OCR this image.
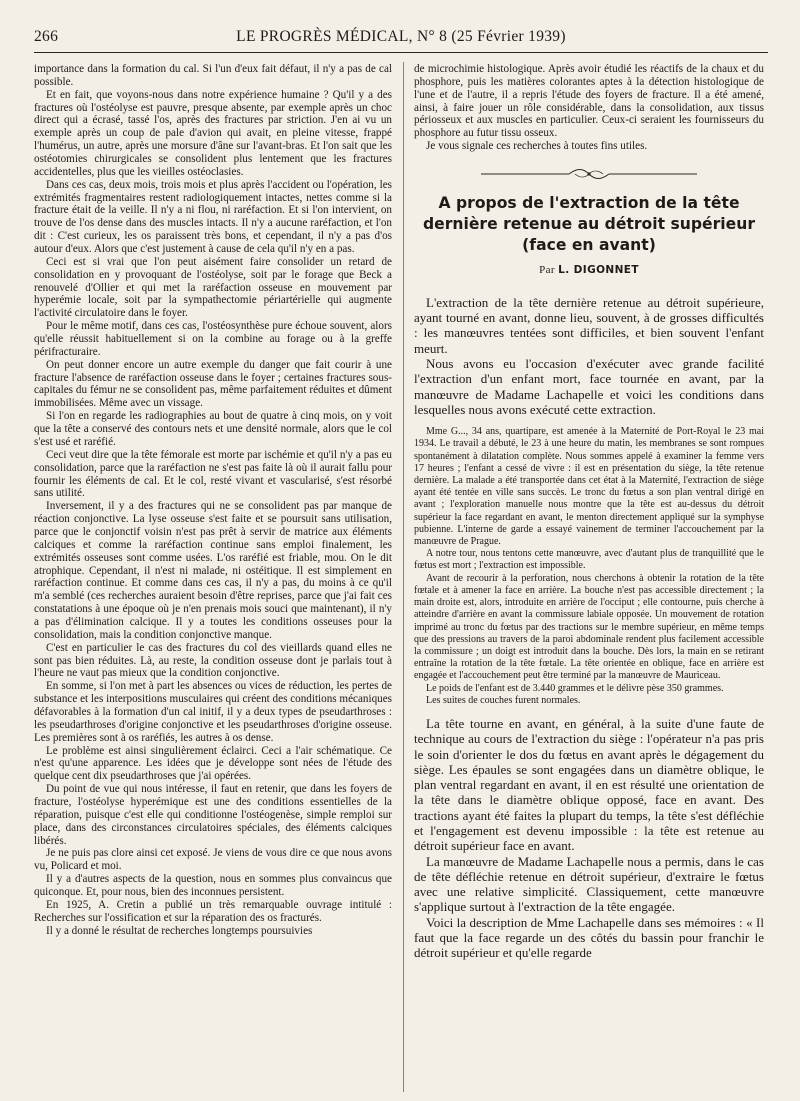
266	LE PROGRÈS MÉDICAL, N° 8 (25 Février 1939)

importance dans la formation du cal. Si l'un d'eux fait défaut, il n'y a pas de cal possible.

Et en fait, que voyons-nous dans notre expérience humaine ? Qu'il y a des fractures où l'ostéolyse est pauvre, presque absente, par exemple après un choc direct qui a écrasé, tassé l'os, après des fractures par striction. J'en ai vu un exemple après un coup de pale d'avion qui avait, en pleine vitesse, frappé l'humérus, un autre, après une morsure d'âne sur l'avant-bras. Et l'on sait que les ostéotomies chirurgicales se consolident plus lentement que les fractures accidentelles, plus que les vieilles ostéoclasies.

Dans ces cas, deux mois, trois mois et plus après l'accident ou l'opération, les extrémités fragmentaires restent radiologiquement intactes, nettes comme si la fracture était de la veille. Il n'y a ni flou, ni raréfaction. Et si l'on intervient, on trouve de l'os dense dans des muscles intacts. Il n'y a aucune raréfaction, et l'on dit : C'est curieux, les os paraissent très bons, et cependant, il n'y a pas d'os autour d'eux. Alors que c'est justement à cause de cela qu'il n'y en a pas.

Ceci est si vrai que l'on peut aisément faire consolider un retard de consolidation en y provoquant de l'ostéolyse, soit par le forage que Beck a renouvelé d'Ollier et qui met la raréfaction osseuse en mouvement par hyperémie locale, soit par la sympathectomie périartérielle qui augmente l'activité circulatoire dans le foyer.

Pour le même motif, dans ces cas, l'ostéosynthèse pure échoue souvent, alors qu'elle réussit habituellement si on la combine au forage ou à la greffe périfracturaire.

On peut donner encore un autre exemple du danger que fait courir à une fracture l'absence de raréfaction osseuse dans le foyer ; certaines fractures sous-capitales du fémur ne se consolident pas, même parfaitement réduites et dûment immobilisées. Même avec un vissage.

Si l'on en regarde les radiographies au bout de quatre à cinq mois, on y voit que la tête a conservé des contours nets et une densité normale, alors que le col s'est usé et raréfié.

Ceci veut dire que la tête fémorale est morte par ischémie et qu'il n'y a pas eu consolidation, parce que la raréfaction ne s'est pas faite là où il aurait fallu pour fournir les éléments de cal. Et le col, resté vivant et vascularisé, s'est résorbé sans utilité.

Inversement, il y a des fractures qui ne se consolident pas par manque de réaction conjonctive. La lyse osseuse s'est faite et se poursuit sans utilisation, parce que le conjonctif voisin n'est pas prêt à servir de matrice aux éléments calciques et comme la raréfaction continue sans emploi finalement, les extrémités osseuses sont comme usées. L'os raréfié est friable, mou. On le dit atrophique. Cependant, il n'est ni malade, ni ostéitique. Il est simplement en raréfaction continue. Et comme dans ces cas, il n'y a pas, du moins à ce qu'il m'a semblé (ces recherches auraient besoin d'être reprises, parce que j'ai fait ces constatations à une époque où je n'en prenais mois souci que maintenant), il n'y a pas d'élimination calcique. Il y a toutes les conditions osseuses pour la consolidation, mais la condition conjonctive manque.

C'est en particulier le cas des fractures du col des vieillards quand elles ne sont pas bien réduites. Là, au reste, la condition osseuse dont je parlais tout à l'heure ne vaut pas mieux que la condition conjonctive.

En somme, si l'on met à part les absences ou vices de réduction, les pertes de substance et les interpositions musculaires qui créent des conditions mécaniques défavorables à la formation d'un cal initif, il y a deux types de pseudarthroses : les pseudarthroses d'origine conjonctive et les pseudarthroses d'origine osseuse. Les premières sont à os raréfiés, les autres à os dense.

Le problème est ainsi singulièrement éclairci. Ceci a l'air schématique. Ce n'est qu'une apparence. Les idées que je développe sont nées de l'étude des quelque cent dix pseudarthroses que j'ai opérées.

Du point de vue qui nous intéresse, il faut en retenir, que dans les foyers de fracture, l'ostéolyse hyperémique est une des conditions essentielles de la réparation, puisque c'est elle qui conditionne l'ostéogenèse, simple remploi sur place, dans des circonstances circulatoires spéciales, des éléments calciques libérés.

Je ne puis pas clore ainsi cet exposé. Je viens de vous dire ce que nous avons vu, Policard et moi.

Il y a d'autres aspects de la question, nous en sommes plus convaincus que quiconque. Et, pour nous, bien des inconnues persistent.

En 1925, A. Cretin a publié un très remarquable ouvrage intitulé : Recherches sur l'ossification et sur la réparation des os fracturés.

Il y a donné le résultat de recherches longtemps poursuivies

de microchimie histologique. Après avoir étudié les réactifs de la chaux et du phosphore, puis les matières colorantes aptes à la détection histologique de l'une et de l'autre, il a repris l'étude des foyers de fracture. Il a été amené, ainsi, à faire jouer un rôle considérable, dans la consolidation, aux tissus périosseux et aux muscles en particulier. Ceux-ci seraient les fournisseurs du phosphore au futur tissu osseux.

Je vous signale ces recherches à toutes fins utiles.

A propos de l'extraction de la tête dernière retenue au détroit supérieur (face en avant)
Par L. DIGONNET

L'extraction de la tête dernière retenue au détroit supérieure, ayant tourné en avant, donne lieu, souvent, à de grosses difficultés : les manœuvres tentées sont difficiles, et bien souvent l'enfant meurt.

Nous avons eu l'occasion d'exécuter avec grande facilité l'extraction d'un enfant mort, face tournée en avant, par la manœuvre de Madame Lachapelle et voici les conditions dans lesquelles nous avons exécuté cette extraction.

Mme G..., 34 ans, quartipare, est amenée à la Maternité de Port-Royal le 23 mai 1934. Le travail a débuté, le 23 à une heure du matin, les membranes se sont rompues spontanément à dilatation complète. Nous sommes appelé à examiner la femme vers 17 heures ; l'enfant a cessé de vivre : il est en présentation du siège, la tête retenue dernière. La malade a été transportée dans cet état à la Maternité, l'extraction de siège ayant été tentée en ville sans succès. Le tronc du fœtus a son plan ventral dirigé en avant ; l'exploration manuelle nous montre que la tête est au-dessus du détroit supérieur la face regardant en avant, le menton directement appliqué sur la symphyse pubienne. L'interne de garde a essayé vainement de terminer l'accouchement par la manœuvre de Prague.

A notre tour, nous tentons cette manœuvre, avec d'autant plus de tranquillité que le fœtus est mort ; l'extraction est impossible.

Avant de recourir à la perforation, nous cherchons à obtenir la rotation de la tête fœtale et à amener la face en arrière. La bouche n'est pas accessible directement ; la main droite est, alors, introduite en arrière de l'occiput ; elle contourne, puis cherche à atteindre d'arrière en avant la commissure labiale opposée. Un mouvement de rotation imprimé au tronc du fœtus par des tractions sur le membre supérieur, en même temps que des pressions au travers de la paroi abdominale rendent plus facilement accessible la commissure ; un doigt est introduit dans la bouche. Dès lors, la main en se retirant entraîne la rotation de la tête fœtale. La tête orientée en oblique, face en arrière est engagée et l'accouchement peut être terminé par la manœuvre de Mauriceau.

Le poids de l'enfant est de 3.440 grammes et le délivre pèse 350 grammes.

Les suites de couches furent normales.

La tête tourne en avant, en général, à la suite d'une faute de technique au cours de l'extraction du siège : l'opérateur n'a pas pris le soin d'orienter le dos du fœtus en avant après le dégagement du siège. Les épaules se sont engagées dans un diamètre oblique, le plan ventral regardant en avant, il en est résulté une orientation de la tête dans le diamètre oblique opposé, face en avant. Des tractions ayant été faites la plupart du temps, la tête s'est défléchie et l'engagement est devenu impossible : la tête est retenue au détroit supérieur face en avant.

La manœuvre de Madame Lachapelle nous a permis, dans le cas de tête défléchie retenue en détroit supérieur, d'extraire le fœtus avec une relative simplicité. Classiquement, cette manœuvre s'applique surtout à l'extraction de la tête engagée.

Voici la description de Mme Lachapelle dans ses mémoires : « Il faut que la face regarde un des côtés du bassin pour franchir le détroit supérieur et qu'elle regarde
